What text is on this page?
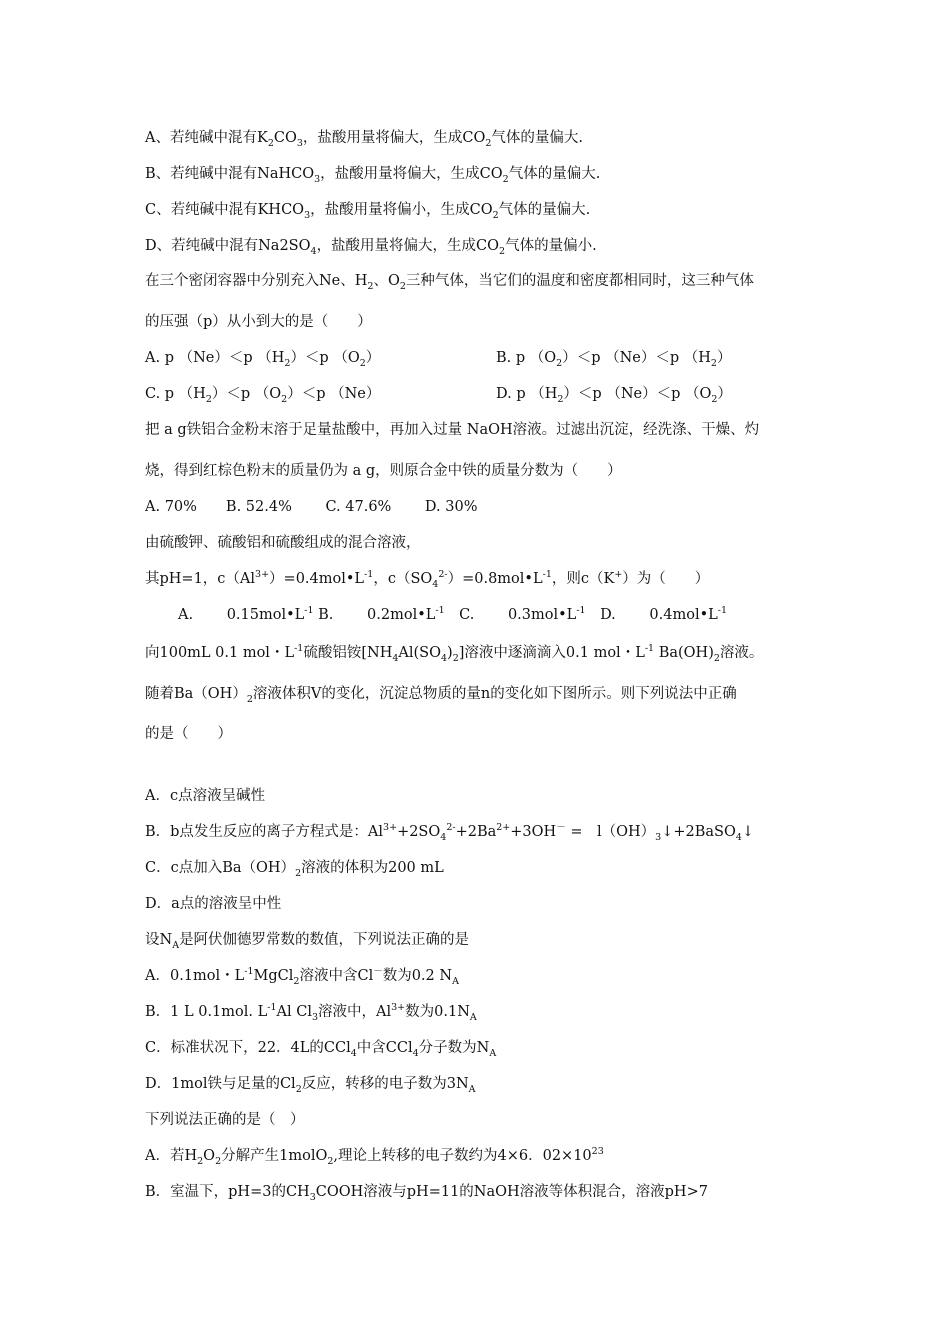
A、若纯碱中混有$K_2CO_3$，盐酸用量将偏大，生成$CO_2$气体的量偏大.
B、若纯碱中混有NaHCO$_3$，盐酸用量将偏大，生成$CO_2$气体的量偏大.
C、若纯碱中混有$KHCO_3$，盐酸用量将偏小，生成$CO_2$气体的量偏大.
D、若纯碱中混有$Na2SO_4$，盐酸用量将偏大，生成$CO_2$气体的量偏小.
在三个密闭容器中分别充入Ne、$H_2$、$O_2$三种气体，当它们的温度和密度都相同时，这三种气体
的压强（p）从小到大的是（　　）
A. p （Ne）＜p $(H_2)<p$ $(O_2)$	B. p $(O_2)<p$ （Ne）＜p $(H_2)$
C. p $(H_2)<p$ $(O_2)<p$ （Ne）	D. p $(H_2)<p$ （Ne）＜p $(O_2)$
把 a g铁铝合金粉末溶于足量盐酸中，再加入过量 NaOH溶液。过滤出沉淀，经洗涤、干燥、灼
烧，得到红棕色粉末的质量仍为 a g，则原合金中铁的质量分数为（　　）
A. 70%　　B. 52.4%　　 C. 47.6%　　 D. 30%
由硫酸钾、硫酸铝和硫酸组成的混合溶液，
其pH=1，$c(Al^{3+})=0.4mol•L^{-1}$，$c(SO_4^{2-})=0.8mol•L^{-1}$，则c（K+）为（　　）
A.　　 $0.15mol•L^{-1}$ B.　　 $0.2mol•L^{-1}$　C.　　 $0.3mol•L^{-1}$　D.　　 $0.4mol•L^{-1}$
向100mL 0.1 mol・$L^{-1}$硫酸铝铵$[NH_4Al(SO_4)_2]$溶液中逐滴滴入0.1 mol・$L^{-1}$ $Ba(OH)_2$溶液。
随着$Ba(OH)_2$溶液体积V的变化，沉淀总物质的量n的变化如下图所示。则下列说法中正确
的是（　　）
A．c点溶液呈碱性
B．b点发生反应的离子方程式是：$Al^{3+}+2SO_4^{2-}+2Ba^{2+}+3OH^-$ =　$l(OH)_3↓+2BaSO_4↓$
C．c点加入$Ba(OH)_2$溶液的体积为200 mL
D．a点的溶液呈中性
设$N_A$是阿伏伽德罗常数的数值，下列说法正确的是
A．0.1mol・$L^{-1}MgCl_2$溶液中含Cl－数为0.2 $N_A$
B．1 L 0.1mol. $L^{-1}Al$ $Cl_3$溶液中，$Al^{3+}$数为$0.1N_A$
C．标准状况下，22．4L的CCl$_4$中含CCl$_4$分子数为$N_A$
D．1mol铁与足量的$Cl_2$反应，转移的电子数为$3N_A$
下列说法正确的是（　）
A．若$H_2O_2$分解产生1molO$_2$,理论上转移的电子数约为4×6．$02\times 10^{23}$
B．室温下，pH=3的$CH_3COOH$溶液与pH=11的NaOH溶液等体积混合，溶液pH>7
